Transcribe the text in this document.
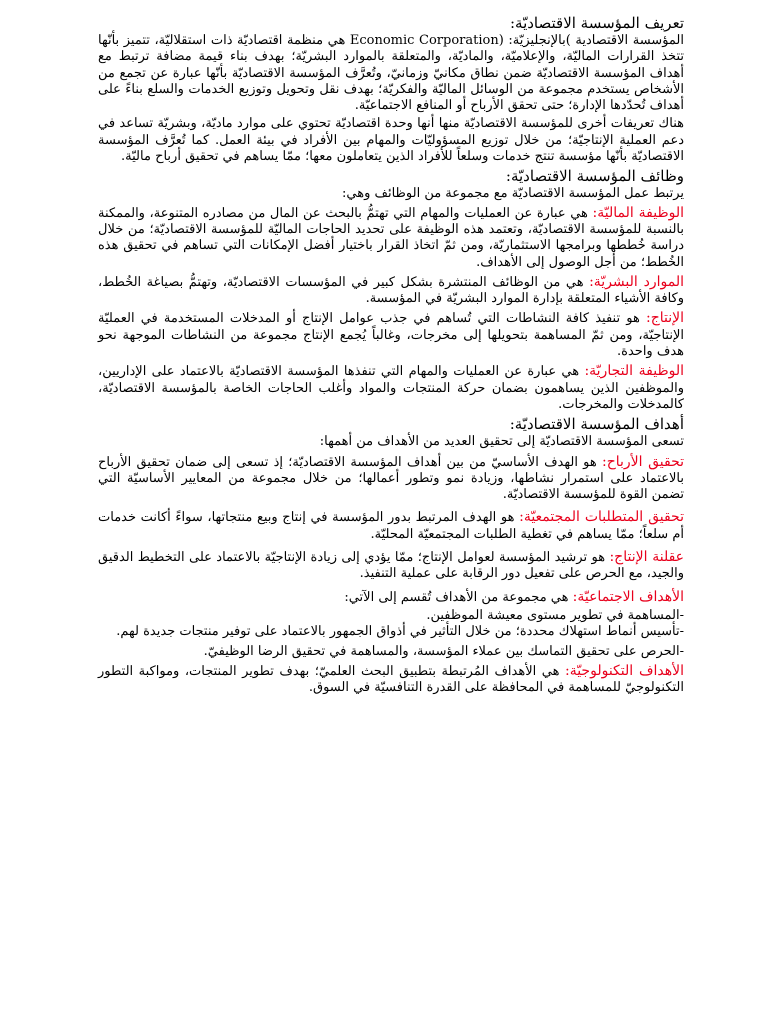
تعريف المؤسسة الاقتصاديّة:

المؤسسة الاقتصادية )بالإنجليزيّة: (Economic Corporation هي منظمة اقتصاديّة ذات استقلاليّة، تتميز بأنّها تتخذ القرارات الماليّة، والإعلاميّة، والماديّة، والمتعلقة بالموارد البشريّة؛ بهدف بناء قيمة مضافة ترتبط مع أهداف المؤسسة الاقتصاديّة ضمن نطاق مكانيّ وزمانيّ، وتُعرَّف المؤسسة الاقتصاديّة بأنّها عبارة عن تجمع من الأشخاص يستخدم مجموعة من الوسائل الماليّة والفكريّة؛ بهدف نقل وتحويل وتوزيع الخدمات والسلع بناءً على أهداف تُحدّدها الإدارة؛ حتى تحقق الأرباح أو المنافع الاجتماعيّة.

هناك تعريفات أخرى للمؤسسة الاقتصاديّة منها أنها وحدة اقتصاديّة تحتوي على موارد ماديّة، وبشريّة تساعد في دعم العملية الإنتاجيّة؛ من خلال توزيع المسؤوليّات والمهام بين الأفراد في بيئة العمل. كما تُعرَّف المؤسسة الاقتصاديّة بأنّها مؤسسة تنتج خدمات وسلعاً للأفراد الذين يتعاملون معها؛ ممّا يساهم في تحقيق أرباح ماليّة.

وظائف المؤسسة الاقتصاديّة:

يرتبط عمل المؤسسة الاقتصاديّة مع مجموعة من الوظائف وهي:

الوظيفة الماليّة: هي عبارة عن العمليات والمهام التي تهتمُّ بالبحث عن المال من مصادره المتنوعة، والممكنة بالنسبة للمؤسسة الاقتصاديّة، وتعتمد هذه الوظيفة على تحديد الحاجات الماليّة للمؤسسة الاقتصاديّة؛ من خلال دراسة خُططها وبرامجها الاستثماريّة، ومن ثمّ اتخاذ القرار باختيار أفضل الإمكانات التي تساهم في تحقيق هذه الخُطط؛ من أجل الوصول إلى الأهداف.

الموارد البشريّة: هي من الوظائف المنتشرة بشكل كبير في المؤسسات الاقتصاديّة، وتهتمُّ بصياغة الخُطط، وكافة الأشياء المتعلقة بإدارة الموارد البشريّة في المؤسسة.

الإنتاج: هو تنفيذ كافة النشاطات التي تُساهم في جذب عوامل الإنتاج أو المدخلات المستخدمة في العمليّة الإنتاجيّة، ومن ثمّ المساهمة بتحويلها إلى مخرجات، وغالباً يُجمع الإنتاج مجموعة من النشاطات الموجهة نحو هدف واحدة.

الوظيفة التجاريّة: هي عبارة عن العمليات والمهام التي تنفذها المؤسسة الاقتصاديّة بالاعتماد على الإداريين، والموظفين الذين يساهمون بضمان حركة المنتجات والمواد وأغلب الحاجات الخاصة بالمؤسسة الاقتصاديّة، كالمدخلات والمخرجات.

أهداف المؤسسة الاقتصاديّة:

تسعى المؤسسة الاقتصاديّة إلى تحقيق العديد من الأهداف من أهمها:

تحقيق الأرباح: هو الهدف الأساسيّ من بين أهداف المؤسسة الاقتصاديّة؛ إذ تسعى إلى ضمان تحقيق الأرباح بالاعتماد على استمرار نشاطها، وزيادة نمو وتطور أعمالها؛ من خلال مجموعة من المعايير الأساسيّة التي تضمن القوة للمؤسسة الاقتصاديّة.

تحقيق المتطلبات المجتمعيّة: هو الهدف المرتبط بدور المؤسسة في إنتاج وبيع منتجاتها، سواءً أكانت خدمات أم سلعاً؛ ممّا يساهم في تغطية الطلبات المجتمعيّة المحليّة.

عقلنة الإنتاج: هو ترشيد المؤسسة لعوامل الإنتاج؛ ممّا يؤدي إلى زيادة الإنتاجيّة بالاعتماد على التخطيط الدقيق والجيد، مع الحرص على تفعيل دور الرقابة على عملية التنفيذ.

الأهداف الاجتماعيّة: هي مجموعة من الأهداف تُقسم إلى الآتي:

-المساهمة في تطوير مستوى معيشة الموظفين.

-تأسيس أنماط استهلاك محددة؛ من خلال التأثير في أذواق الجمهور بالاعتماد على توفير منتجات جديدة لهم.

-الحرص على تحقيق التماسك بين عملاء المؤسسة، والمساهمة في تحقيق الرضا الوظيفيّ.

الأهداف التكنولوجيّة: هي الأهداف المُرتبطة بتطبيق البحث العلميّ؛ بهدف تطوير المنتجات، ومواكبة التطور التكنولوجيّ للمساهمة في المحافظة على القدرة التنافسيّة في السوق.
